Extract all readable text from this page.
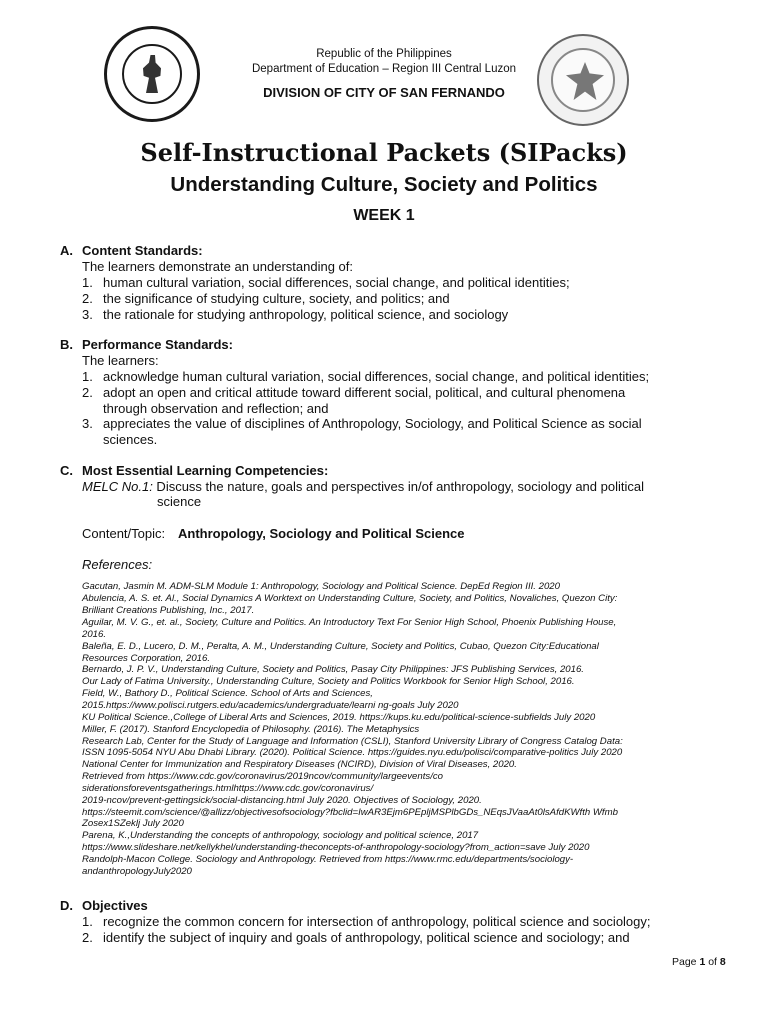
Republic of the Philippines
Department of Education – Region III Central Luzon
DIVISION OF CITY OF SAN FERNANDO
Self-Instructional Packets (SIPacks)
Understanding Culture, Society and Politics
WEEK 1
A. Content Standards:
The learners demonstrate an understanding of:
1. human cultural variation, social differences, social change, and political identities;
2. the significance of studying culture, society, and politics; and
3. the rationale for studying anthropology, political science, and sociology
B. Performance Standards:
The learners:
1. acknowledge human cultural variation, social differences, social change, and political identities;
2. adopt an open and critical attitude toward different social, political, and cultural phenomena
through observation and reflection; and
3. appreciates the value of disciplines of Anthropology, Sociology, and Political Science as social
sciences.
C. Most Essential Learning Competencies:
MELC No.1: Discuss the nature, goals and perspectives in/of anthropology, sociology and political
science
Content/Topic: Anthropology, Sociology and Political Science
References:
Gacutan, Jasmin M. ADM-SLM Module 1: Anthropology, Sociology and Political Science. DepEd Region III. 2020
Abulencia, A. S. et. Al., Social Dynamics A Worktext on Understanding Culture, Society, and Politics, Novaliches, Quezon City:
Brilliant Creations Publishing, Inc., 2017.
Aguilar, M. V. G., et. al., Society, Culture and Politics. An Introductory Text For Senior High School, Phoenix Publishing House,
2016.
Baleña, E. D., Lucero, D. M., Peralta, A. M., Understanding Culture, Society and Politics, Cubao, Quezon City:Educational
Resources Corporation, 2016.
Bernardo, J. P. V., Understanding Culture, Society and Politics, Pasay City Philippines: JFS Publishing Services, 2016.
Our Lady of Fatima University., Understanding Culture, Society and Politics Workbook for Senior High School, 2016.
Field, W., Bathory D., Political Science. School of Arts and Sciences,
2015.https://www.polisci.rutgers.edu/academics/undergraduate/learni ng-goals July 2020
KU Political Science.,College of Liberal Arts and Sciences, 2019. https://kups.ku.edu/political-science-subfields July 2020
Miller, F. (2017). Stanford Encyclopedia of Philosophy. (2016). The Metaphysics
Research Lab, Center for the Study of Language and Information (CSLI), Stanford University Library of Congress Catalog Data:
ISSN 1095-5054 NYU Abu Dhabi Library. (2020). Political Science. https://guides.nyu.edu/polisci/comparative-politics July 2020
National Center for Immunization and Respiratory Diseases (NCIRD), Division of Viral Diseases, 2020.
Retrieved from https://www.cdc.gov/coronavirus/2019ncov/community/largeevents/co
siderationsforeventsgatherings.htmlhttps://www.cdc.gov/coronavirus/
2019-ncov/prevent-gettingsick/social-distancing.html July 2020. Objectives of Sociology, 2020.
https://steemit.com/science/@allizz/objectivesofsociology?fbclid=IwAR3Ejm6PEpljMSPlbGDs_NEqsJVaaAt0lsAfdKWfth Wfmb
Zosex1SZeklj July 2020
Parena, K.,Understanding the concepts of anthropology, sociology and political science, 2017
https://www.slideshare.net/kellykhel/understanding-theconcepts-of-anthropology-sociology?from_action=save July 2020
Randolph-Macon College. Sociology and Anthropology. Retrieved from https://www.rmc.edu/departments/sociology-
andanthropologyJuly2020
D. Objectives
1. recognize the common concern for intersection of anthropology, political science and sociology;
2. identify the subject of inquiry and goals of anthropology, political science and sociology; and
Page 1 of 8
